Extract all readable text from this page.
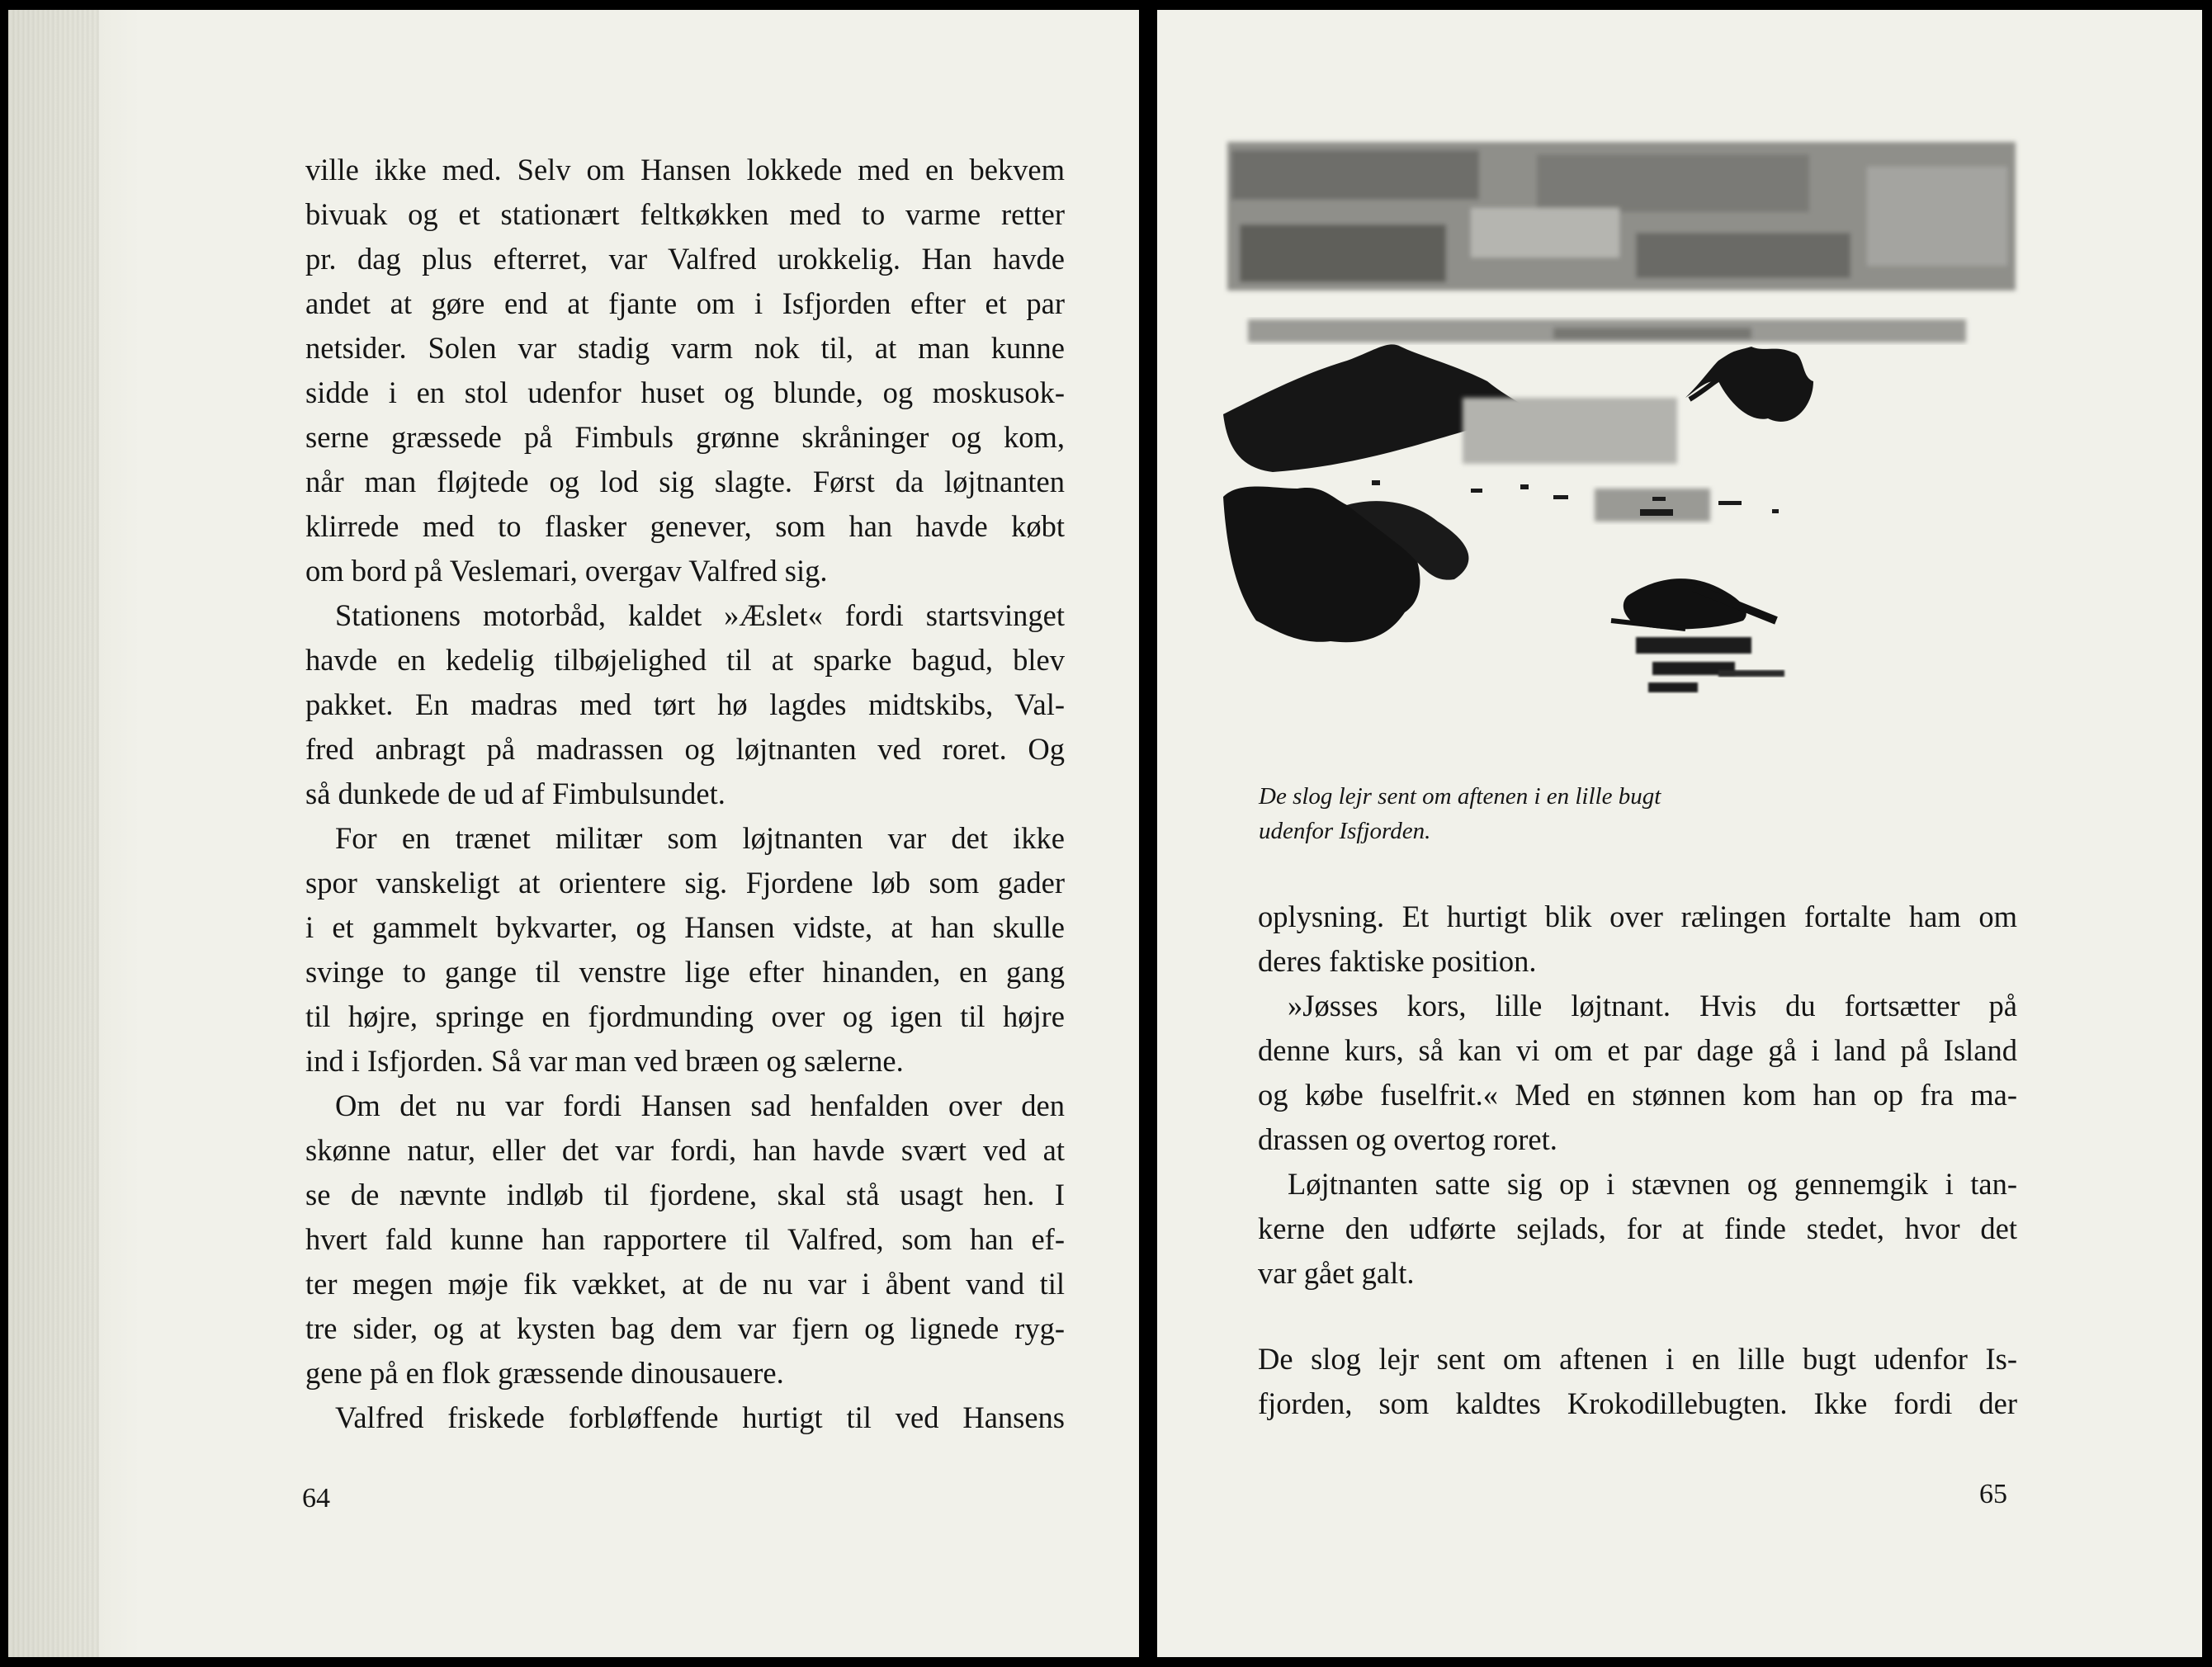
ville ikke med. Selv om Hansen lokkede med en bekvem
bivuak og et stationært feltkøkken med to varme retter
pr. dag plus efterret, var Valfred urokkelig. Han havde
andet at gøre end at fjante om i Isfjorden efter et par
netsider. Solen var stadig varm nok til, at man kunne
sidde i en stol udenfor huset og blunde, og moskusok-
serne græssede på Fimbuls grønne skråninger og kom,
når man fløjtede og lod sig slagte. Først da løjtnanten
klirrede med to flasker genever, som han havde købt
om bord på Veslemari, overgav Valfred sig.
Stationens motorbåd, kaldet »Æslet« fordi startsvinget
havde en kedelig tilbøjelighed til at sparke bagud, blev
pakket. En madras med tørt hø lagdes midtskibs, Val-
fred anbragt på madrassen og løjtnanten ved roret. Og
så dunkede de ud af Fimbulsundet.
For en trænet militær som løjtnanten var det ikke
spor vanskeligt at orientere sig. Fjordene løb som gader
i et gammelt bykvarter, og Hansen vidste, at han skulle
svinge to gange til venstre lige efter hinanden, en gang
til højre, springe en fjordmunding over og igen til højre
ind i Isfjorden. Så var man ved bræen og sælerne.
Om det nu var fordi Hansen sad henfalden over den
skønne natur, eller det var fordi, han havde svært ved at
se de nævnte indløb til fjordene, skal stå usagt hen. I
hvert fald kunne han rapportere til Valfred, som han ef-
ter megen møje fik vækket, at de nu var i åbent vand til
tre sider, og at kysten bag dem var fjern og lignede ryg-
gene på en flok græssende dinousauere.
Valfred friskede forbløffende hurtigt til ved Hansens
64
De slog lejr sent om aftenen i en lille bugt
udenfor Isfjorden.
oplysning. Et hurtigt blik over rælingen fortalte ham om
deres faktiske position.
»Jøsses kors, lille løjtnant. Hvis du fortsætter på
denne kurs, så kan vi om et par dage gå i land på Island
og købe fuselfrit.« Med en stønnen kom han op fra ma-
drassen og overtog roret.
Løjtnanten satte sig op i stævnen og gennemgik i tan-
kerne den udførte sejlads, for at finde stedet, hvor det
var gået galt.
De slog lejr sent om aftenen i en lille bugt udenfor Is-
fjorden, som kaldtes Krokodillebugten. Ikke fordi der
65
